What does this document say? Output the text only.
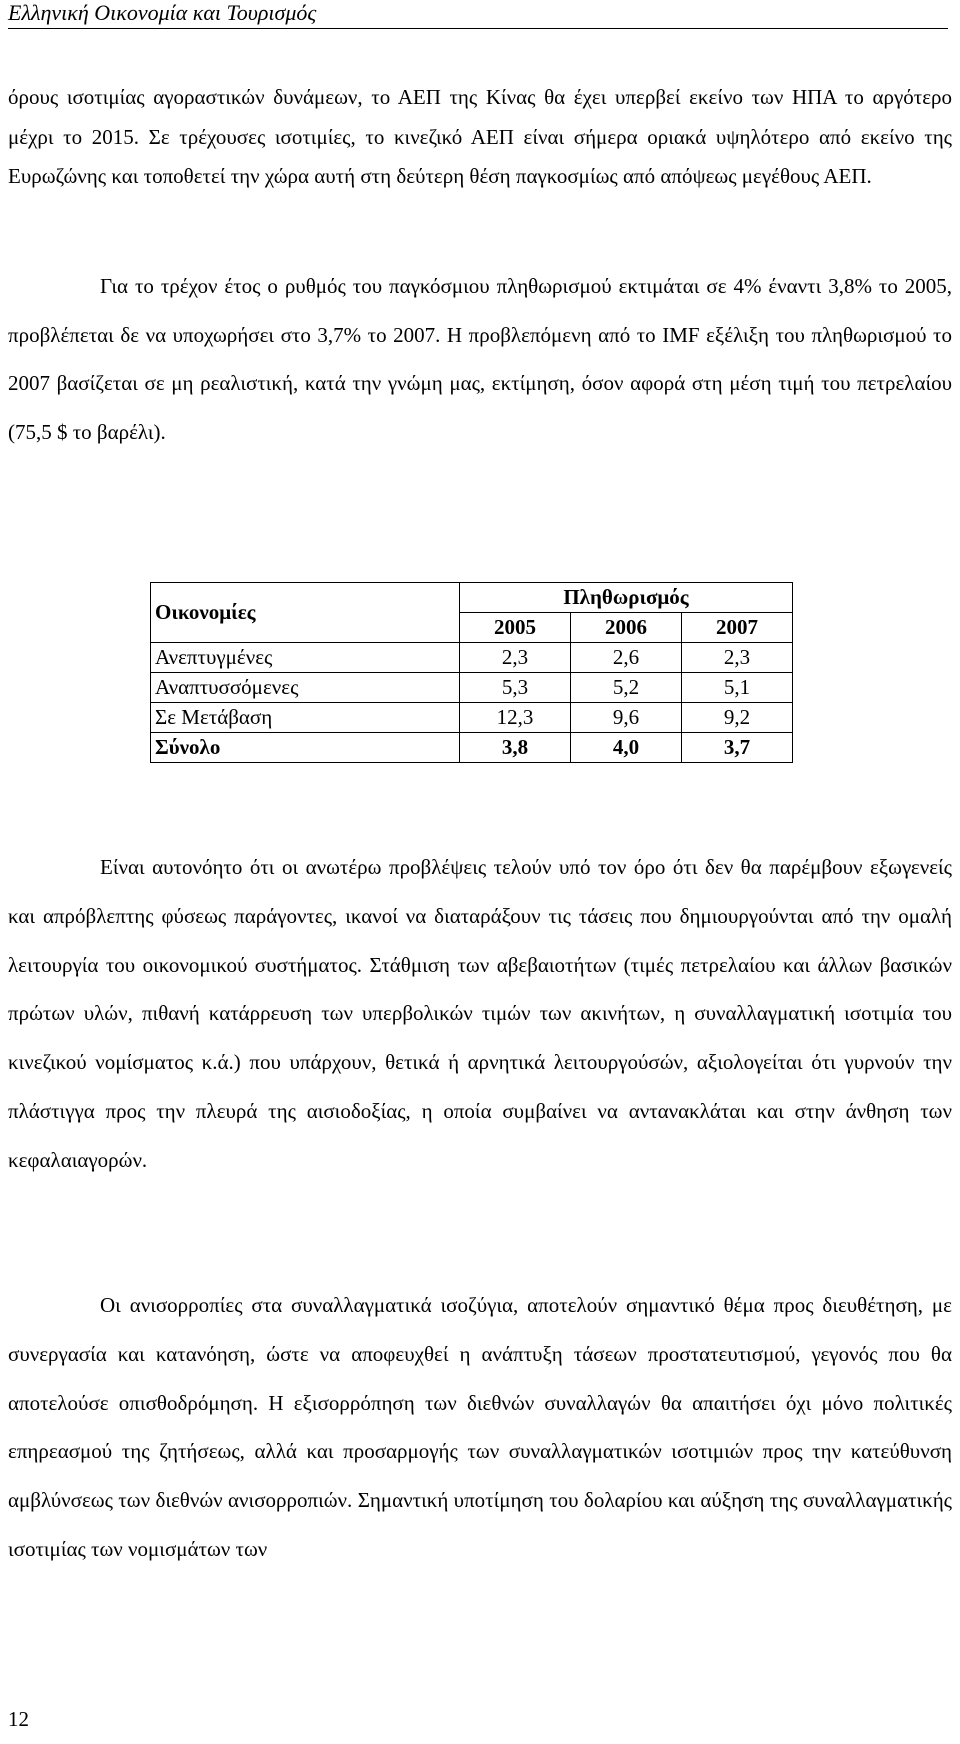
Ελληνική Οικονομία και Τουρισμός

όρους ισοτιμίας αγοραστικών δυνάμεων, το ΑΕΠ της Κίνας θα έχει υπερβεί εκείνο των ΗΠΑ το αργότερο μέχρι το 2015. Σε τρέχουσες ισοτιμίες, το κινεζικό ΑΕΠ είναι σήμερα οριακά υψηλότερο από εκείνο της Ευρωζώνης και τοποθετεί την χώρα αυτή στη δεύτερη θέση παγκοσμίως από απόψεως μεγέθους ΑΕΠ.

Για το τρέχον έτος ο ρυθμός του παγκόσμιου πληθωρισμού εκτιμάται σε 4% έναντι 3,8% το 2005, προβλέπεται δε να υποχωρήσει στο 3,7% το 2007. Η προβλεπόμενη από το IMF εξέλιξη του πληθωρισμού το 2007 βασίζεται σε μη ρεαλιστική, κατά την γνώμη μας, εκτίμηση, όσον αφορά στη μέση τιμή του πετρελαίου (75,5 $ το βαρέλι).

Οικονομίες	Πληθωρισμός		
	2005	2006	2007
Ανεπτυγμένες	2,3	2,6	2,3
Αναπτυσσόμενες	5,3	5,2	5,1
Σε Μετάβαση	12,3	9,6	9,2
Σύνολο	3,8	4,0	3,7

Είναι αυτονόητο ότι οι ανωτέρω προβλέψεις τελούν υπό τον όρο ότι δεν θα παρέμβουν εξωγενείς και απρόβλεπτης φύσεως παράγοντες, ικανοί να διαταράξουν τις τάσεις που δημιουργούνται από την ομαλή λειτουργία του οικονομικού συστήματος. Στάθμιση των αβεβαιοτήτων (τιμές πετρελαίου και άλλων βασικών πρώτων υλών, πιθανή κατάρρευση των υπερβολικών τιμών των ακινήτων, η συναλλαγματική ισοτιμία του κινεζικού νομίσματος κ.ά.) που υπάρχουν, θετικά ή αρνητικά λειτουργούσών, αξιολογείται ότι γυρνούν την πλάστιγγα προς την πλευρά της αισιοδοξίας, η οποία συμβαίνει να αντανακλάται και στην άνθηση των κεφαλαιαγορών.

Οι ανισορροπίες στα συναλλαγματικά ισοζύγια, αποτελούν σημαντικό θέμα προς διευθέτηση, με συνεργασία και κατανόηση, ώστε να αποφευχθεί η ανάπτυξη τάσεων προστατευτισμού, γεγονός που θα αποτελούσε οπισθοδρόμηση. Η εξισορρόπηση των διεθνών συναλλαγών θα απαιτήσει όχι μόνο πολιτικές επηρεασμού της ζητήσεως, αλλά και προσαρμογής των συναλλαγματικών ισοτιμιών προς την κατεύθυνση αμβλύνσεως των διεθνών ανισορροπιών. Σημαντική υποτίμηση του δολαρίου και αύξηση της συναλλαγματικής ισοτιμίας των νομισμάτων των

12
